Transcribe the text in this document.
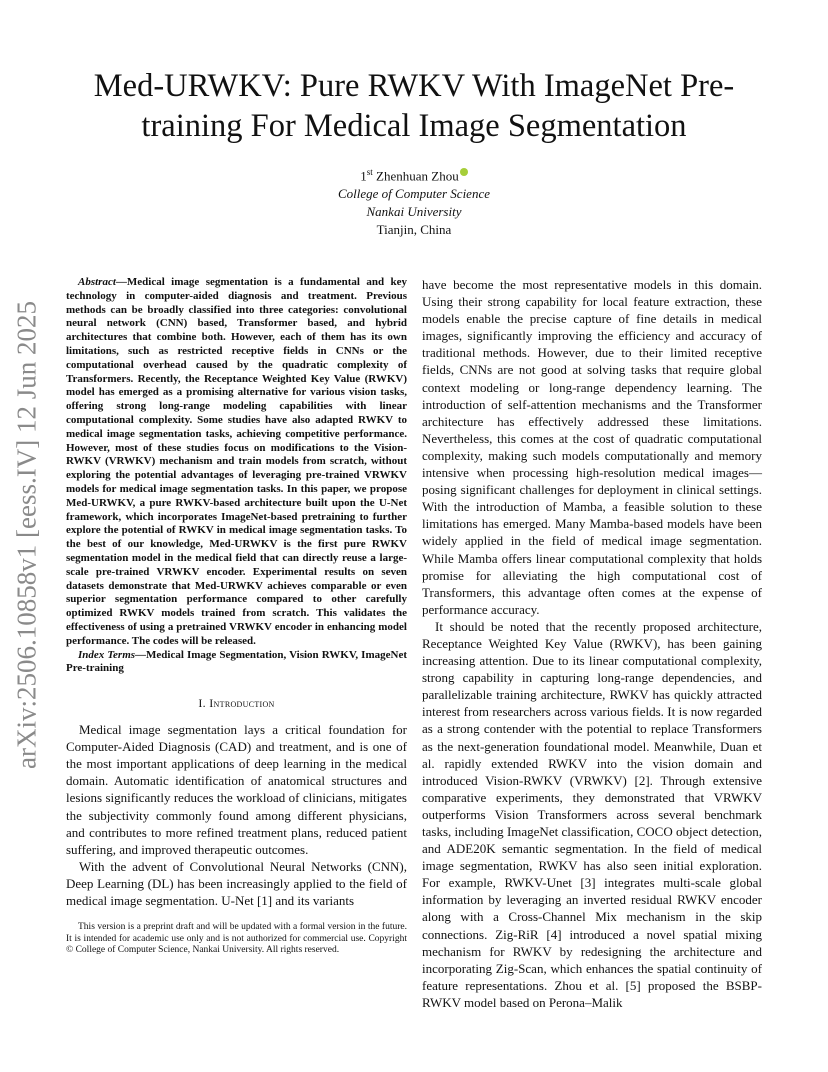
arXiv:2506.10858v1 [eess.IV] 12 Jun 2025
Med-URWKV: Pure RWKV With ImageNet Pre-training For Medical Image Segmentation
1st Zhenhuan Zhou
College of Computer Science
Nankai University
Tianjin, China

Abstract—Medical image segmentation is a fundamental and key technology in computer-aided diagnosis and treatment. Previous methods can be broadly classified into three categories: convolutional neural network (CNN) based, Transformer based, and hybrid architectures that combine both. However, each of them has its own limitations, such as restricted receptive fields in CNNs or the computational overhead caused by the quadratic complexity of Transformers. Recently, the Receptance Weighted Key Value (RWKV) model has emerged as a promising alternative for various vision tasks, offering strong long-range modeling capabilities with linear computational complexity. Some studies have also adapted RWKV to medical image segmentation tasks, achieving competitive performance. However, most of these studies focus on modifications to the Vision-RWKV (VRWKV) mechanism and train models from scratch, without exploring the potential advantages of leveraging pre-trained VRWKV models for medical image segmentation tasks. In this paper, we propose Med-URWKV, a pure RWKV-based architecture built upon the U-Net framework, which incorporates ImageNet-based pretraining to further explore the potential of RWKV in medical image segmentation tasks. To the best of our knowledge, Med-URWKV is the first pure RWKV segmentation model in the medical field that can directly reuse a large-scale pre-trained VRWKV encoder. Experimental results on seven datasets demonstrate that Med-URWKV achieves comparable or even superior segmentation performance compared to other carefully optimized RWKV models trained from scratch. This validates the effectiveness of using a pretrained VRWKV encoder in enhancing model performance. The codes will be released.

Index Terms—Medical Image Segmentation, Vision RWKV, ImageNet Pre-training

I. Introduction

Medical image segmentation lays a critical foundation for Computer-Aided Diagnosis (CAD) and treatment, and is one of the most important applications of deep learning in the medical domain. Automatic identification of anatomical structures and lesions significantly reduces the workload of clinicians, mitigates the subjectivity commonly found among different physicians, and contributes to more refined treatment plans, reduced patient suffering, and improved therapeutic outcomes.

With the advent of Convolutional Neural Networks (CNN), Deep Learning (DL) has been increasingly applied to the field of medical image segmentation. U-Net [1] and its variants

This version is a preprint draft and will be updated with a formal version in the future. It is intended for academic use only and is not authorized for commercial use. Copyright © College of Computer Science, Nankai University. All rights reserved.

have become the most representative models in this domain. Using their strong capability for local feature extraction, these models enable the precise capture of fine details in medical images, significantly improving the efficiency and accuracy of traditional methods. However, due to their limited receptive fields, CNNs are not good at solving tasks that require global context modeling or long-range dependency learning. The introduction of self-attention mechanisms and the Transformer architecture has effectively addressed these limitations. Nevertheless, this comes at the cost of quadratic computational complexity, making such models computationally and memory intensive when processing high-resolution medical images—posing significant challenges for deployment in clinical settings. With the introduction of Mamba, a feasible solution to these limitations has emerged. Many Mamba-based models have been widely applied in the field of medical image segmentation. While Mamba offers linear computational complexity that holds promise for alleviating the high computational cost of Transformers, this advantage often comes at the expense of performance accuracy.

It should be noted that the recently proposed architecture, Receptance Weighted Key Value (RWKV), has been gaining increasing attention. Due to its linear computational complexity, strong capability in capturing long-range dependencies, and parallelizable training architecture, RWKV has quickly attracted interest from researchers across various fields. It is now regarded as a strong contender with the potential to replace Transformers as the next-generation foundational model. Meanwhile, Duan et al. rapidly extended RWKV into the vision domain and introduced Vision-RWKV (VRWKV) [2]. Through extensive comparative experiments, they demonstrated that VRWKV outperforms Vision Transformers across several benchmark tasks, including ImageNet classification, COCO object detection, and ADE20K semantic segmentation. In the field of medical image segmentation, RWKV has also seen initial exploration. For example, RWKV-Unet [3] integrates multi-scale global information by leveraging an inverted residual RWKV encoder along with a Cross-Channel Mix mechanism in the skip connections. Zig-RiR [4] introduced a novel spatial mixing mechanism for RWKV by redesigning the architecture and incorporating Zig-Scan, which enhances the spatial continuity of feature representations. Zhou et al. [5] proposed the BSBP-RWKV model based on Perona–Malik
